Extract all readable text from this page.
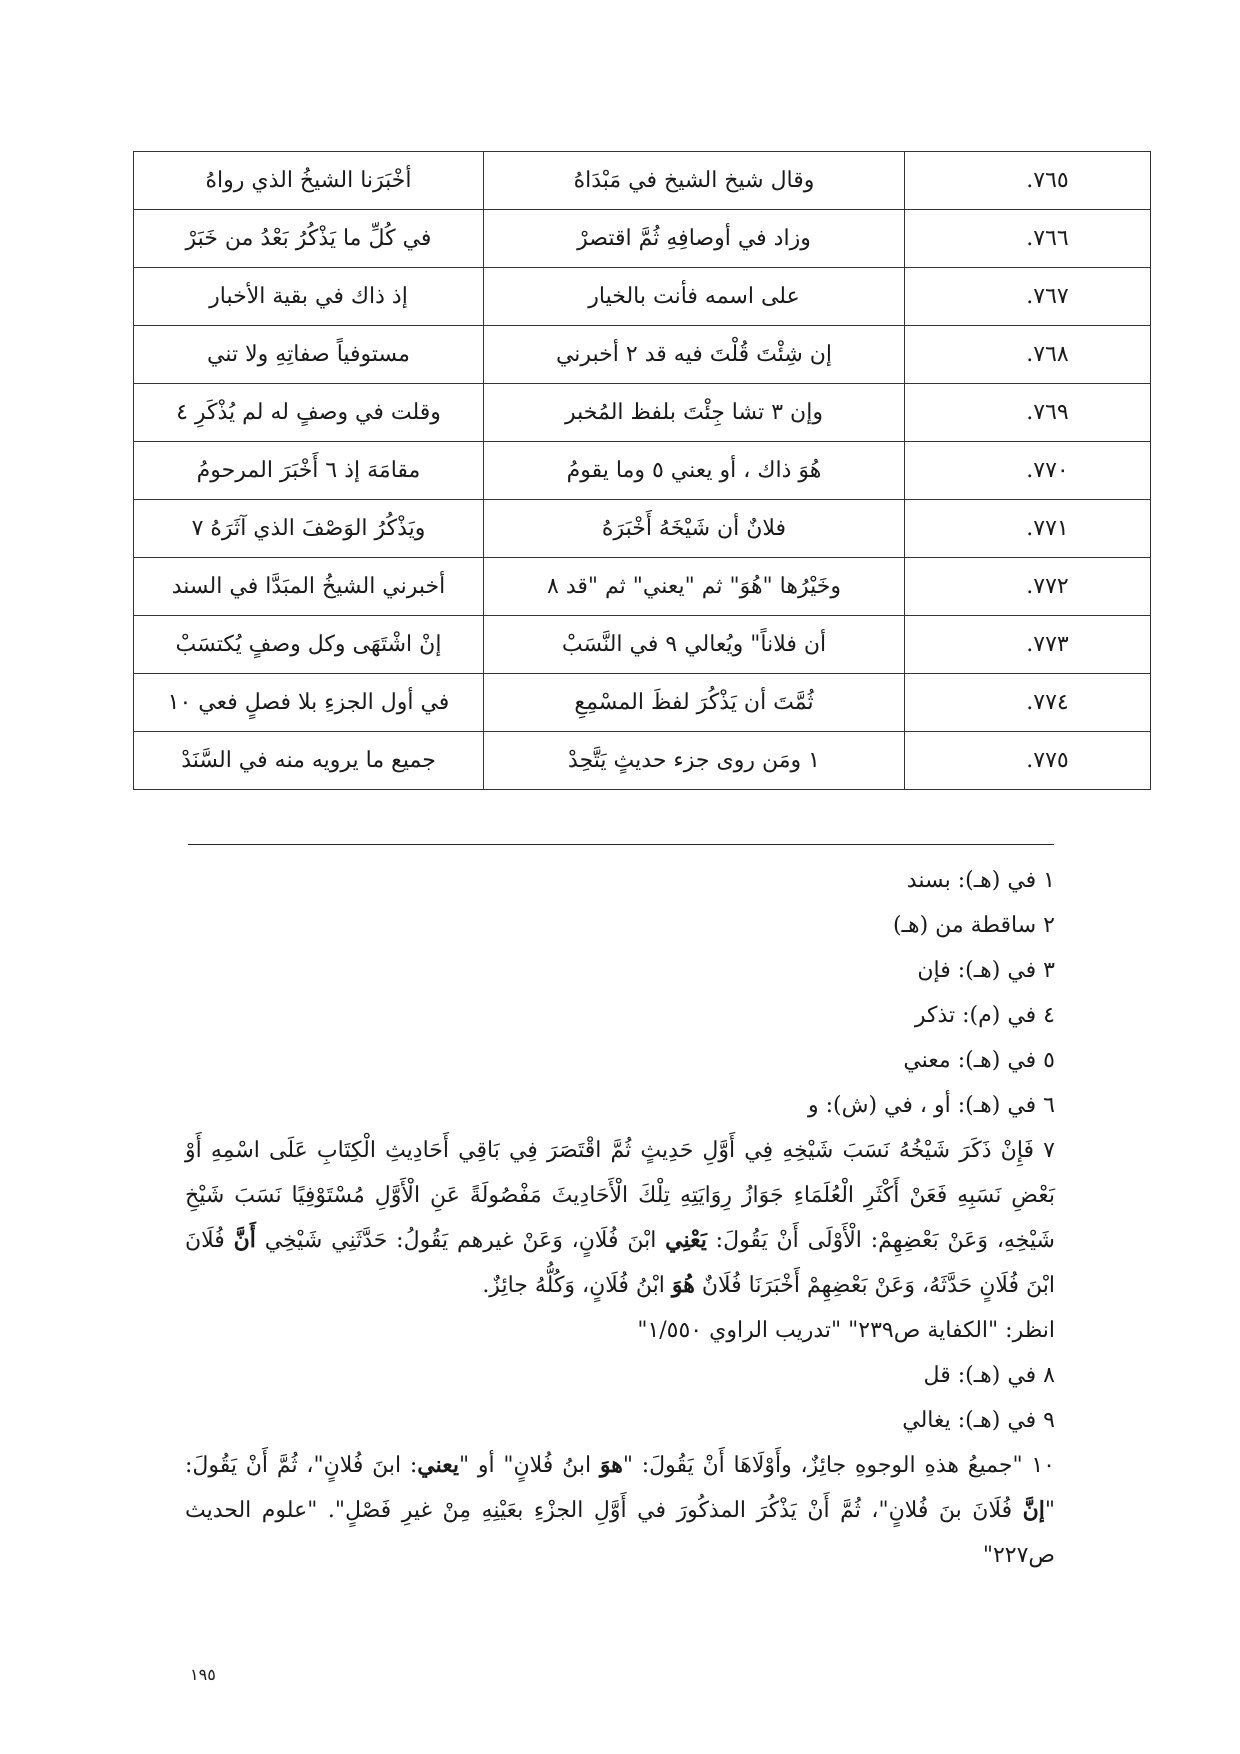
٧٦٥.	وقال شيخ الشيخ في مَبْدَاهُ	أخْبَرَنا الشيخُ الذي رواهُ
٧٦٦.	وزاد في أوصافِهِ ثُمَّ اقتصرْ	في كُلِّ ما يَذْكُرُ بَعْدُ من خَبَرْ
٧٦٧.	على اسمه فأنت بالخيار	إذ ذاك في بقية الأخبار
٧٦٨.	إن شِئْتَ قُلْتَ فيه قد ٢ أخبرني	مستوفياً صفاتِهِ ولا تني
٧٦٩.	وإن ٣ تشا جِئْتَ بلفظ المُخبر	وقلت في وصفٍ له لم يُذْكَرِ ٤
٧٧٠.	هُوَ ذاك ، أو يعني ٥ وما يقومُ	مقامَهَ إذ ٦ أَخْبَرَ المرحومُ
٧٧١.	فلانٌ أن شَيْخَهُ أَخْبَرَهُ	ويَذْكُرُ الوَصْفَ الذي آثَرَهُ ٧
٧٧٢.	وخَيْرُها "هُوَ" ثم "يعني" ثم "قد ٨	أخبرني الشيخُ المبَدَّا في السند
٧٧٣.	أن فلاناً" ويُعالي ٩ في النَّسَبْ	إنْ اشْتَهَى وكل وصفٍ يُكتسَبْ
٧٧٤.	ثُمَّتَ أن يَذْكُرَ لفظَ المسْمِعِ	في أول الجزءِ بلا فصلٍ فعي ١٠
٧٧٥.	١ ومَن روى جزء حديثٍ يَتَّحِدْ	جميع ما يرويه منه في السَّنَدْ

١ في (هـ): بسند

٢ ساقطة من (هـ)

٣ في (هـ): فإن

٤ في (م): تذكر

٥ في (هـ): معني

٦ في (هـ): أو ، في (ش): و

٧ فَإِنْ ذَكَرَ شَيْخُهُ نَسَبَ شَيْخِهِ فِي أَوَّلِ حَدِيثٍ ثُمَّ اقْتَصَرَ فِي بَاقِي أَحَادِيثِ الْكِتَابِ عَلَى اسْمِهِ أَوْ بَعْضِ نَسَبِهِ فَعَنْ أَكْثَرِ الْعُلَمَاءِ جَوَازُ رِوَايَتِهِ تِلْكَ الْأَحَادِيثَ مَفْصُولَةً عَنِ الْأَوَّلِ مُسْتَوْفِيًا نَسَبَ شَيْخِ شَيْخِهِ، وَعَنْ بَعْضِهِمْ: الْأَوْلَى أَنْ يَقُولَ: يَعْنِي ابْنَ فُلَانٍ، وَعَنْ غيرهم يَقُولُ: حَدَّثَنِي شَيْخِي أَنَّ فُلَانَ ابْنَ فُلَانٍ حَدَّثَهُ، وَعَنْ بَعْضِهِمْ أَخْبَرَنَا فُلَانٌ هُوَ ابْنُ فُلَانٍ، وَكُلُّهُ جائِزٌ.

انظر: "الكفاية ص٢٣٩" "تدريب الراوي ١/٥٥٠"

٨ في (هـ): قل

٩ في (هـ): يغالي

١٠ "جميعُ هذهِ الوجوهِ جائِزٌ، وأَوْلَاهَا أَنْ يَقُولَ: "هوَ ابنُ فُلانٍ" أو "يعني: ابنَ فُلانٍ"، ثُمَّ أَنْ يَقُولَ: "إنَّ فُلَانَ بنَ فُلانٍ"، ثُمَّ أَنْ يَذْكُرَ المذكُورَ في أَوَّلِ الجزْءِ بعَيْنِهِ مِنْ غيرِ فَصْلٍ". "علوم الحديث ص٢٢٧"

١٩٥
